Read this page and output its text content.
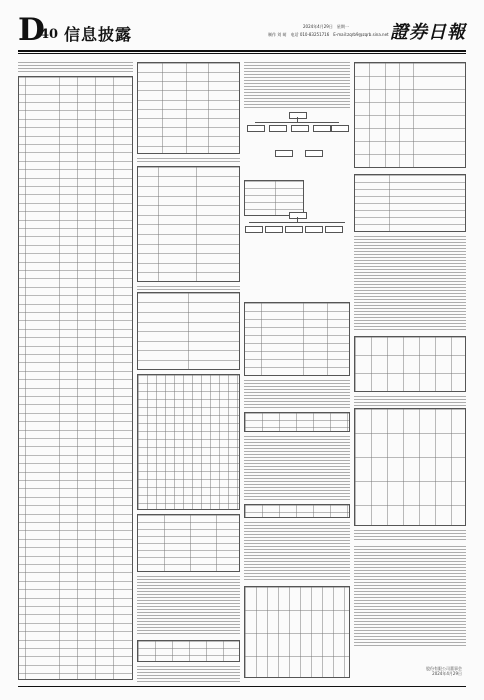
D
40 信息披露	2024年4月29日　星期一
制作 刘 萌　电话 010-83251716　E-mail:zqrb9@zqrb.sina.net 證券日報
股份有限公司董事会
2024年4月29日
